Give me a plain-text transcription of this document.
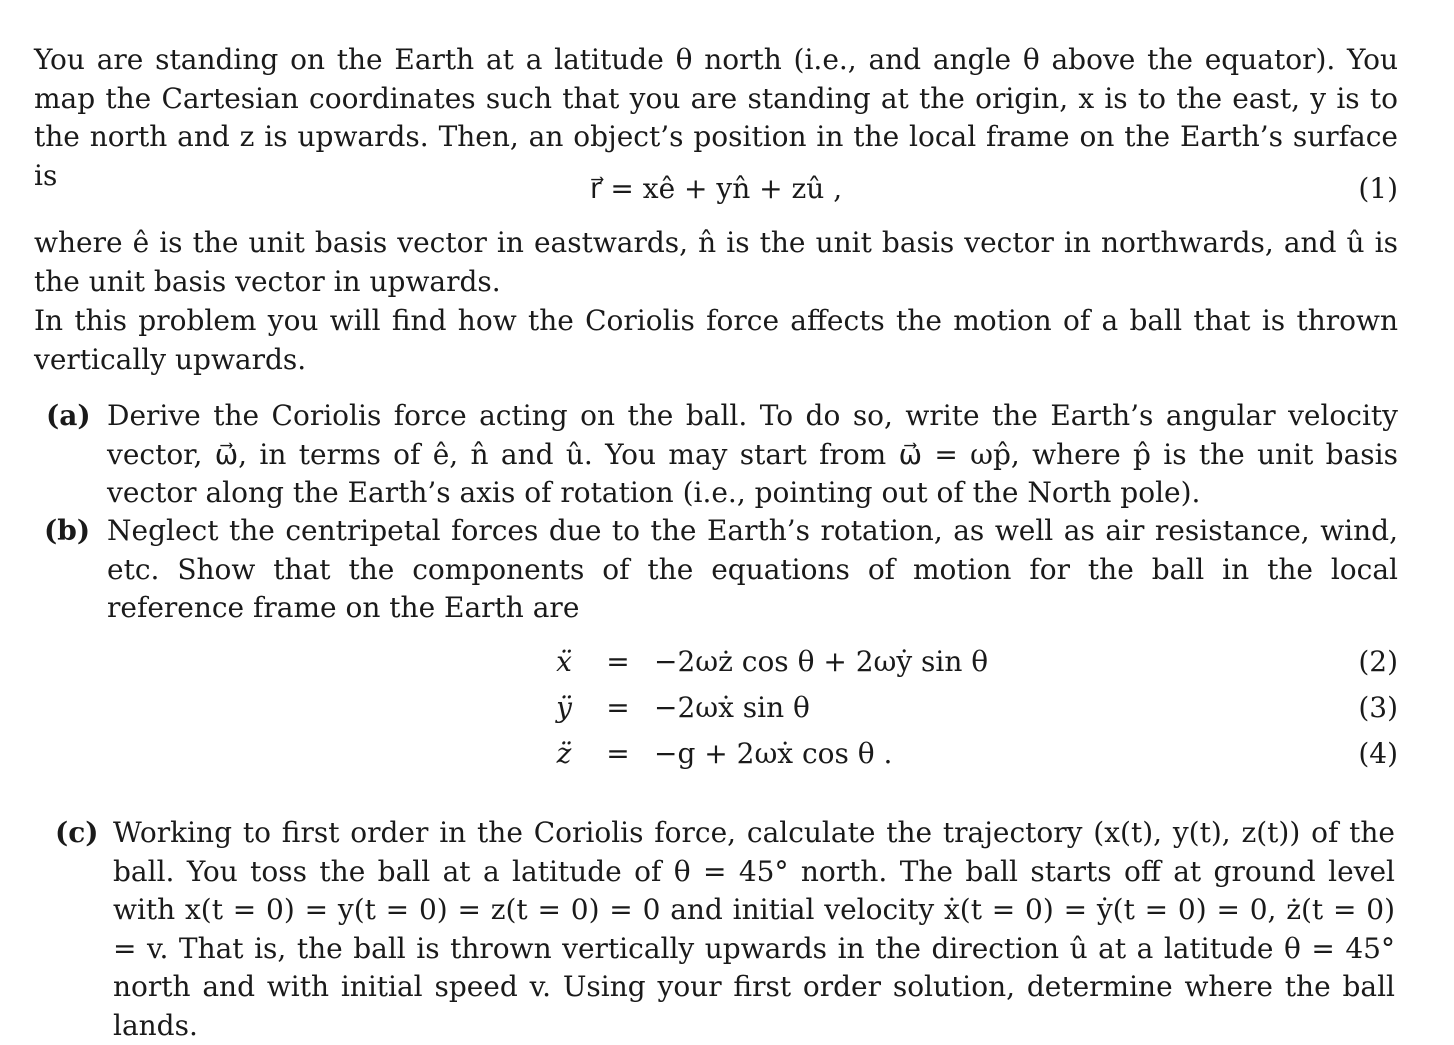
You are standing on the Earth at a latitude θ north (i.e., and angle θ above the equator). You map the Cartesian coordinates such that you are standing at the origin, x is to the east, y is to the north and z is upwards. Then, an object’s position in the local frame on the Earth’s surface is	r⃗ = xê + yn̂ + zû ,	(1)

where ê is the unit basis vector in eastwards, n̂ is the unit basis vector in northwards, and û is the unit basis vector in upwards.

In this problem you will find how the Coriolis force affects the motion of a ball that is thrown vertically upwards.

(a) Derive the Coriolis force acting on the ball. To do so, write the Earth’s angular velocity vector, ω⃗, in terms of ê, n̂ and û. You may start from ω⃗ = ωp̂, where p̂ is the unit basis vector along the Earth’s axis of rotation (i.e., pointing out of the North pole).

(b) Neglect the centripetal forces due to the Earth’s rotation, as well as air resistance, wind, etc. Show that the components of the equations of motion for the ball in the local reference frame on the Earth are

ẍ	= −2ωż cos θ + 2ωẏ sin θ	(2)
ÿ	= −2ωẋ sin θ	(3)
z̈	= −g + 2ωẋ cos θ .	(4)
(c) Working to first order in the Coriolis force, calculate the trajectory (x(t), y(t), z(t)) of the ball. You toss the ball at a latitude of θ = 45° north. The ball starts off at ground level with x(t = 0) = y(t = 0) = z(t = 0) = 0 and initial velocity ẋ(t = 0) = ẏ(t = 0) = 0, ż(t = 0) = v. That is, the ball is thrown vertically upwards in the direction û at a latitude θ = 45° north and with initial speed v. Using your first order solution, determine where the ball lands.
